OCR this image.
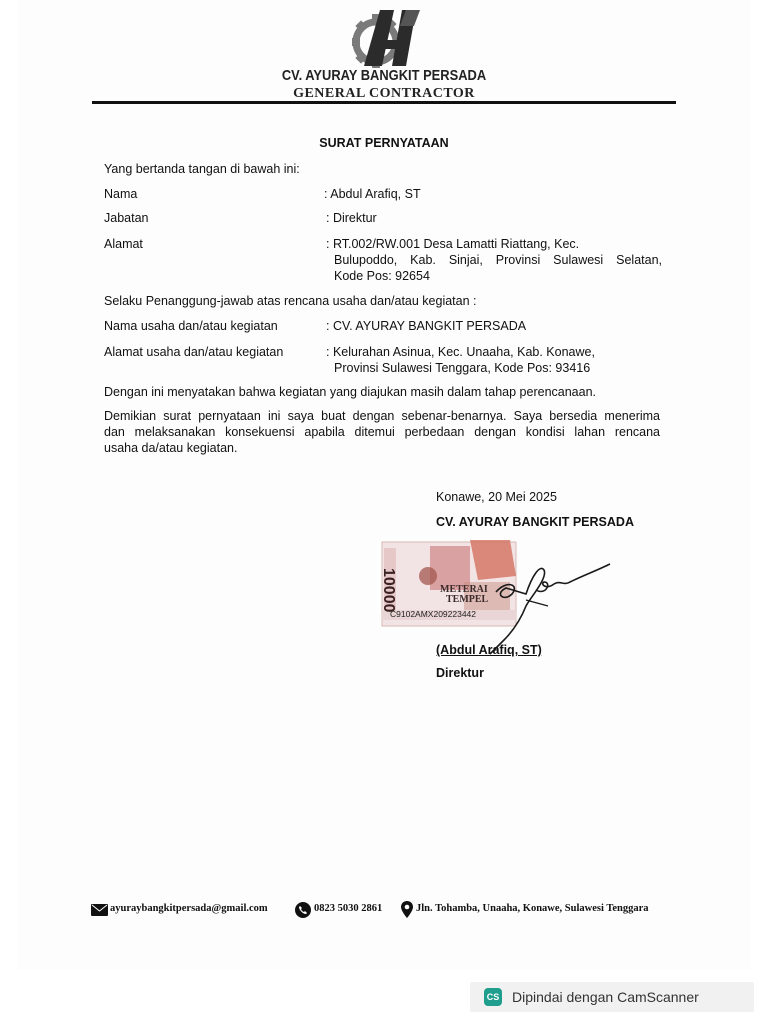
CV. AYURAY BANGKIT PERSADA
GENERAL CONTRACTOR
SURAT PERNYATAAN
Yang bertanda tangan di bawah ini:
Nama	: Abdul Arafiq, ST
Jabatan	: Direktur
Alamat	: RT.002/RW.001 Desa Lamatti Riattang, Kec.
Bulupoddo, Kab. Sinjai, Provinsi Sulawesi Selatan,
Kode Pos: 92654
Selaku Penanggung-jawab atas rencana usaha dan/atau kegiatan :
Nama usaha dan/atau kegiatan	: CV. AYURAY BANGKIT PERSADA
Alamat usaha dan/atau kegiatan	: Kelurahan Asinua, Kec. Unaaha, Kab. Konawe,
Provinsi Sulawesi Tenggara, Kode Pos: 93416
Dengan ini menyatakan bahwa kegiatan yang diajukan masih dalam tahap perencanaan.
Demikian surat pernyataan ini saya buat dengan sebenar-benarnya. Saya bersedia menerima
dan melaksanakan konsekuensi apabila ditemui perbedaan dengan kondisi lahan rencana
usaha da/atau kegiatan.
Konawe, 20 Mei 2025
CV. AYURAY BANGKIT PERSADA
10000	METERAI
TEMPEL
C9102AMX209223442
(Abdul Arafiq, ST)
Direktur
ayuraybangkitpersada@gmail.com	0823 5030 2861	Jln. Tohamba, Unaaha, Konawe, Sulawesi Tenggara
CS Dipindai dengan CamScanner
